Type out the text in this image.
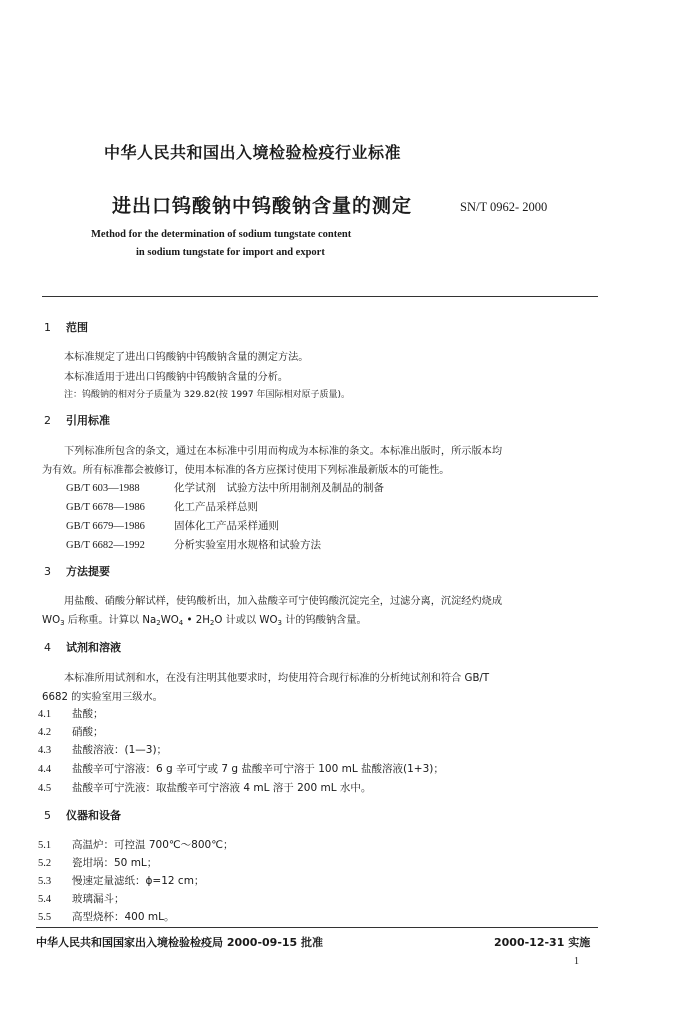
中华人民共和国出入境检验检疫行业标准
进出口钨酸钠中钨酸钠含量的测定	SN/T 0962- 2000
Method for the determination of sodium tungstate content
in sodium tungstate for import and export
1 范围
本标准规定了进出口钨酸钠中钨酸钠含量的测定方法。
本标准适用于进出口钨酸钠中钨酸钠含量的分析。
注：钨酸钠的相对分子质量为 329.82(按 1997 年国际相对原子质量)。
2 引用标准
下列标准所包含的条文，通过在本标准中引用而构成为本标准的条文。本标准出版时，所示版本均
为有效。所有标准都会被修订，使用本标准的各方应探讨使用下列标准最新版本的可能性。
GB/T 603—1988	化学试剂　试验方法中所用制剂及制品的制备
GB/T 6678—1986	化工产品采样总则
GB/T 6679—1986	固体化工产品采样通则
GB/T 6682—1992	分析实验室用水规格和试验方法
3 方法提要
用盐酸、硝酸分解试样，使钨酸析出，加入盐酸辛可宁使钨酸沉淀完全，过滤分离，沉淀经灼烧成
$WO_3$ 后称重。计算以 $Na_2WO_4$ • $2H_2O$ 计或以 $WO_3$ 计的钨酸钠含量。
4 试剂和溶液
本标准所用试剂和水，在没有注明其他要求时，均使用符合现行标准的分析纯试剂和符合 GB/T
6682 的实验室用三级水。
4.1 盐酸；
4.2 硝酸；
4.3 盐酸溶液：(1—3)；
4.4 盐酸辛可宁溶液：6 g 辛可宁或 7 g 盐酸辛可宁溶于 100 mL 盐酸溶液(1+3)；
4.5 盐酸辛可宁洗液：取盐酸辛可宁溶液 4 mL 溶于 200 mL 水中。
5 仪器和设备
5.1 高温炉：可控温 700℃～800℃；
5.2 瓷坩埚：50 mL；
5.3 慢速定量滤纸：ϕ=12 cm；
5.4 玻璃漏斗；
5.5 高型烧杯：400 mL。
中华人民共和国国家出入境检验检疫局 2000-09-15 批准	2000-12-31 实施
1
